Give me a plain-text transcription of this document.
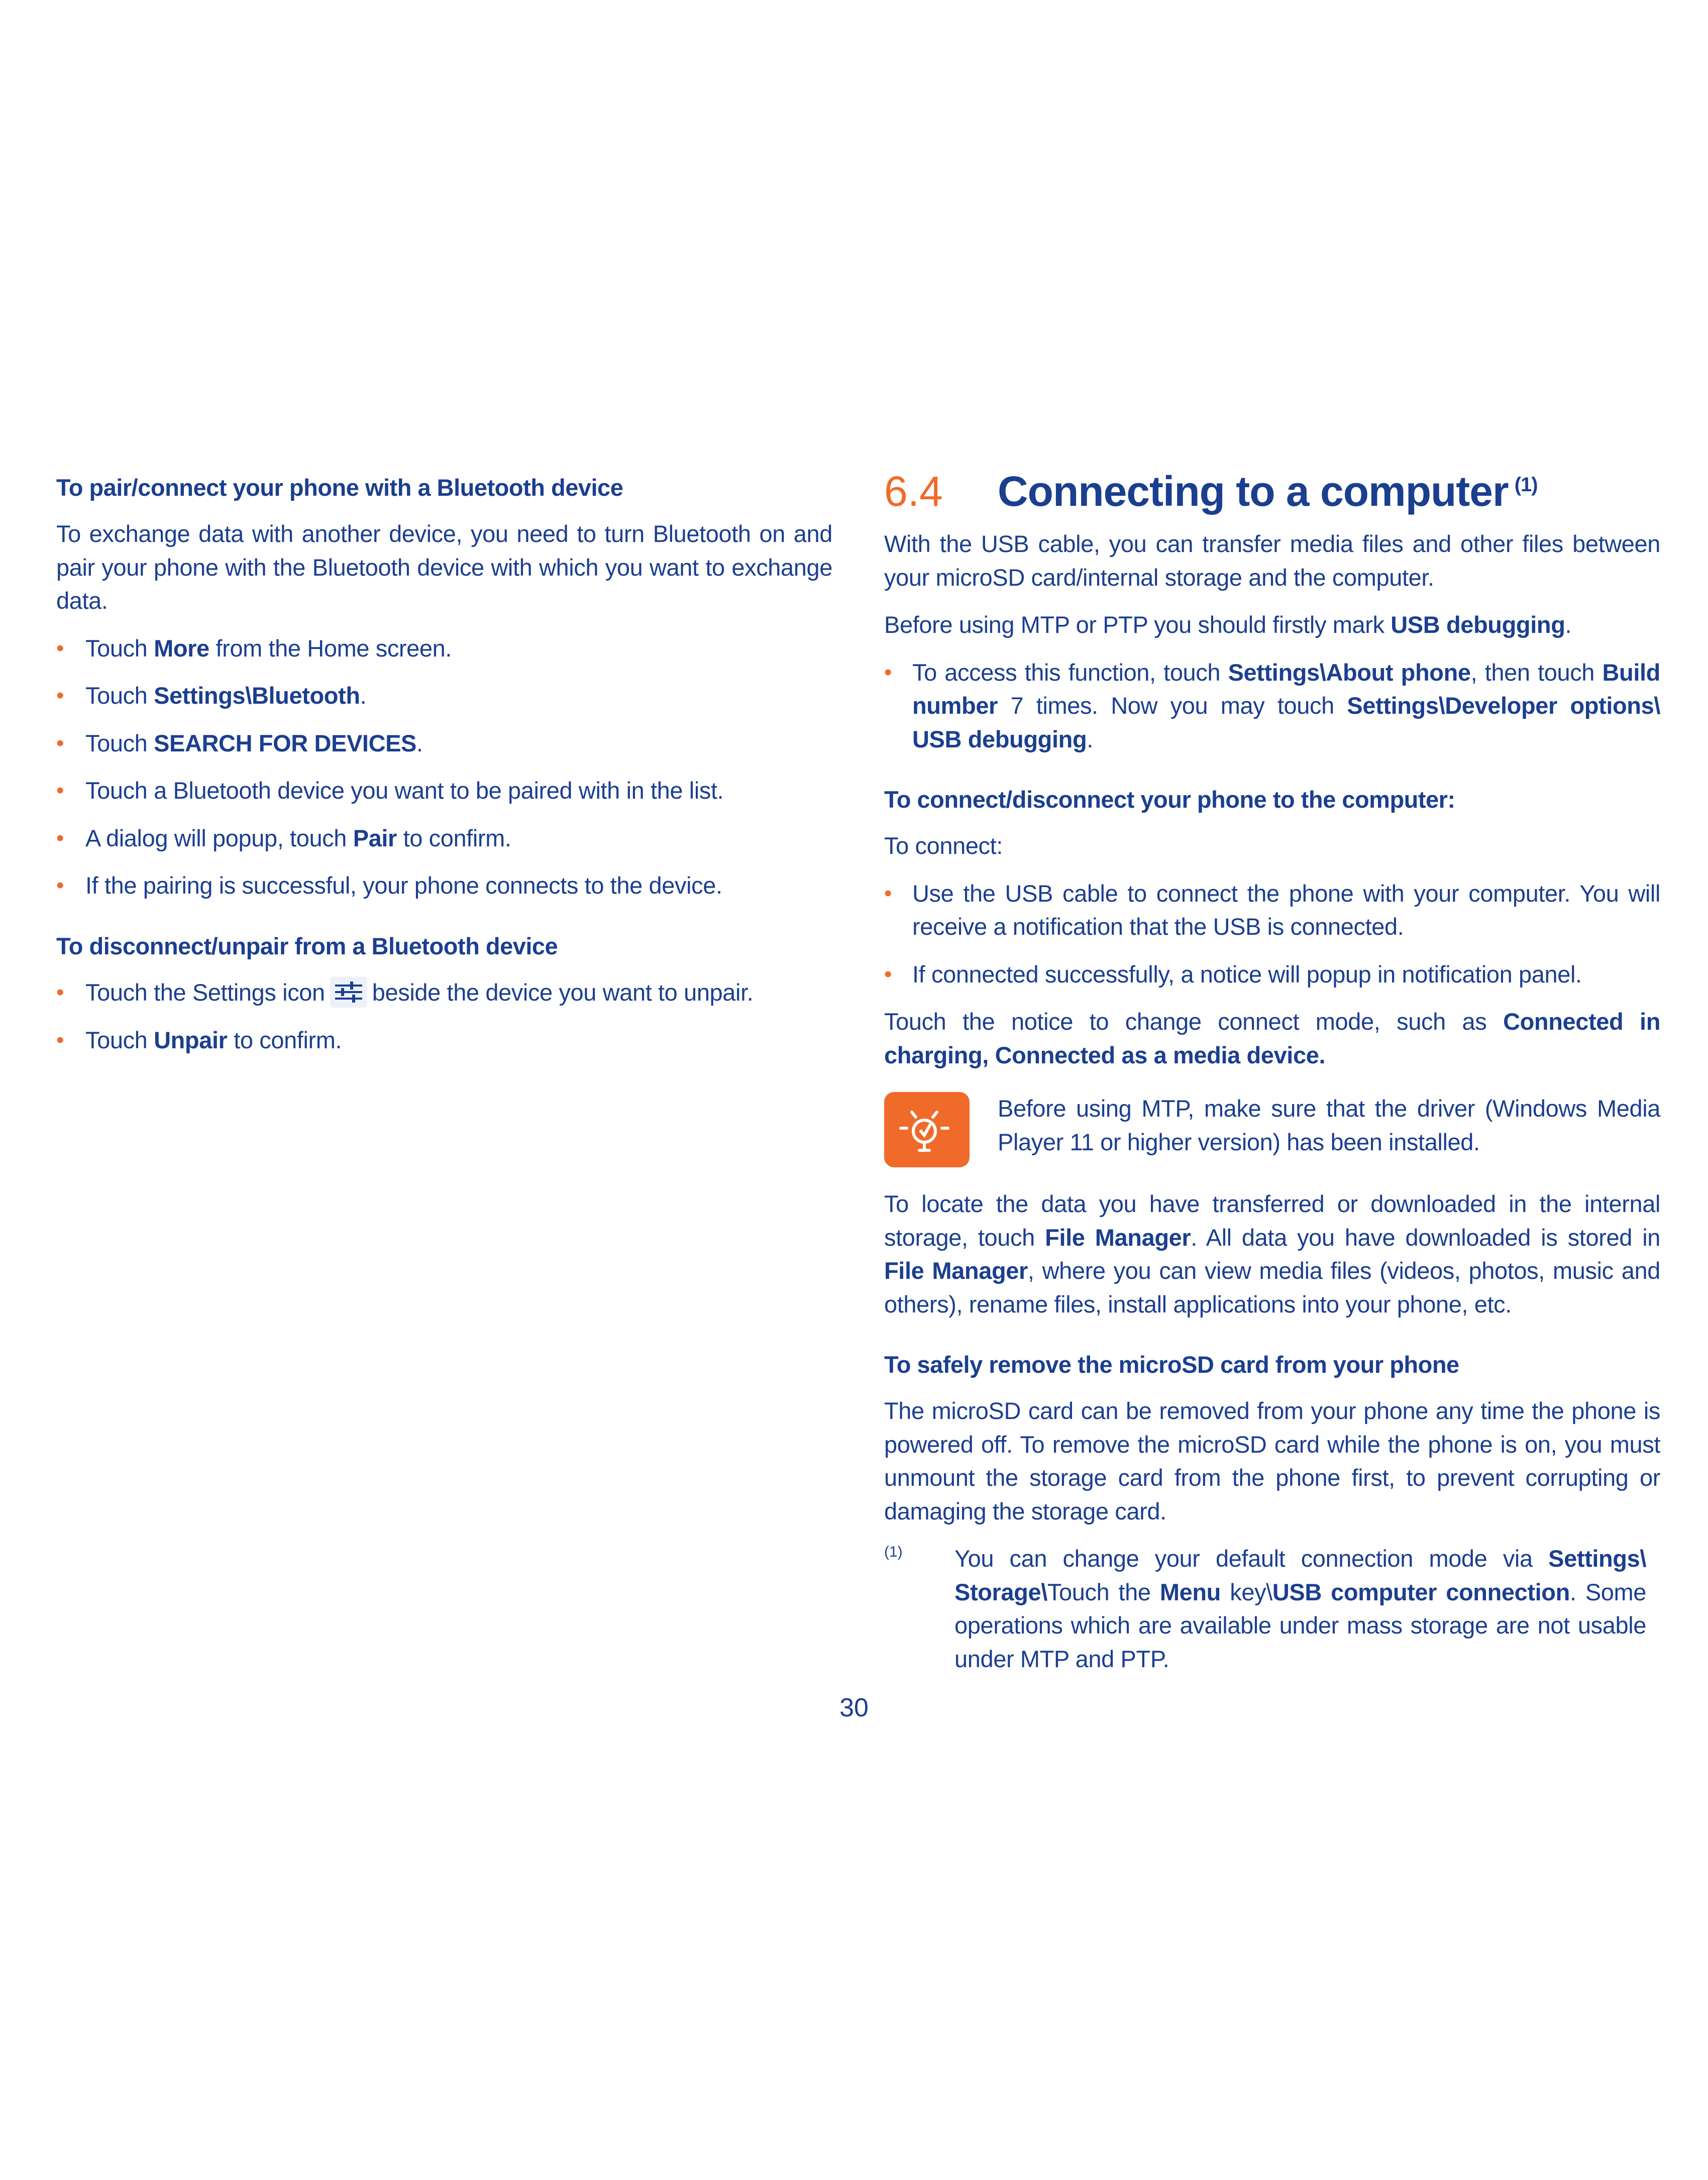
To pair/connect your phone with a Bluetooth device
To exchange data with another device, you need to turn Bluetooth on and pair your phone with the Bluetooth device with which you want to exchange data.
• Touch More from the Home screen.
• Touch Settings\Bluetooth.
• Touch SEARCH FOR DEVICES.
• Touch a Bluetooth device you want to be paired with in the list.
• A dialog will popup, touch Pair to confirm.
• If the pairing is successful, your phone connects to the device.
To disconnect/unpair from a Bluetooth device
• Touch the Settings icon beside the device you want to unpair.
• Touch Unpair to confirm.
6.4	Connecting to a computer $^{(1)}$
With the USB cable, you can transfer media files and other files between your microSD card/internal storage and the computer.
Before using MTP or PTP you should firstly mark USB debugging.
• To access this function, touch Settings\About phone, then touch Build number 7 times. Now you may touch Settings\Developer options\ USB debugging.
To connect/disconnect your phone to the computer:
To connect:
• Use the USB cable to connect the phone with your computer. You will receive a notification that the USB is connected.
• If connected successfully, a notice will popup in notification panel.
Touch the notice to change connect mode, such as Connected in charging, Connected as a media device.
Before using MTP, make sure that the driver (Windows Media Player 11 or higher version) has been installed.
To locate the data you have transferred or downloaded in the internal storage, touch File Manager. All data you have downloaded is stored in File Manager, where you can view media files (videos, photos, music and others), rename files, install applications into your phone, etc.
To safely remove the microSD card from your phone
The microSD card can be removed from your phone any time the phone is powered off. To remove the microSD card while the phone is on, you must unmount the storage card from the phone first, to prevent corrupting or damaging the storage card.
(1)	You can change your default connection mode via Settings\ Storage\Touch the Menu key\USB computer connection. Some operations which are available under mass storage are not usable under MTP and PTP.
30
